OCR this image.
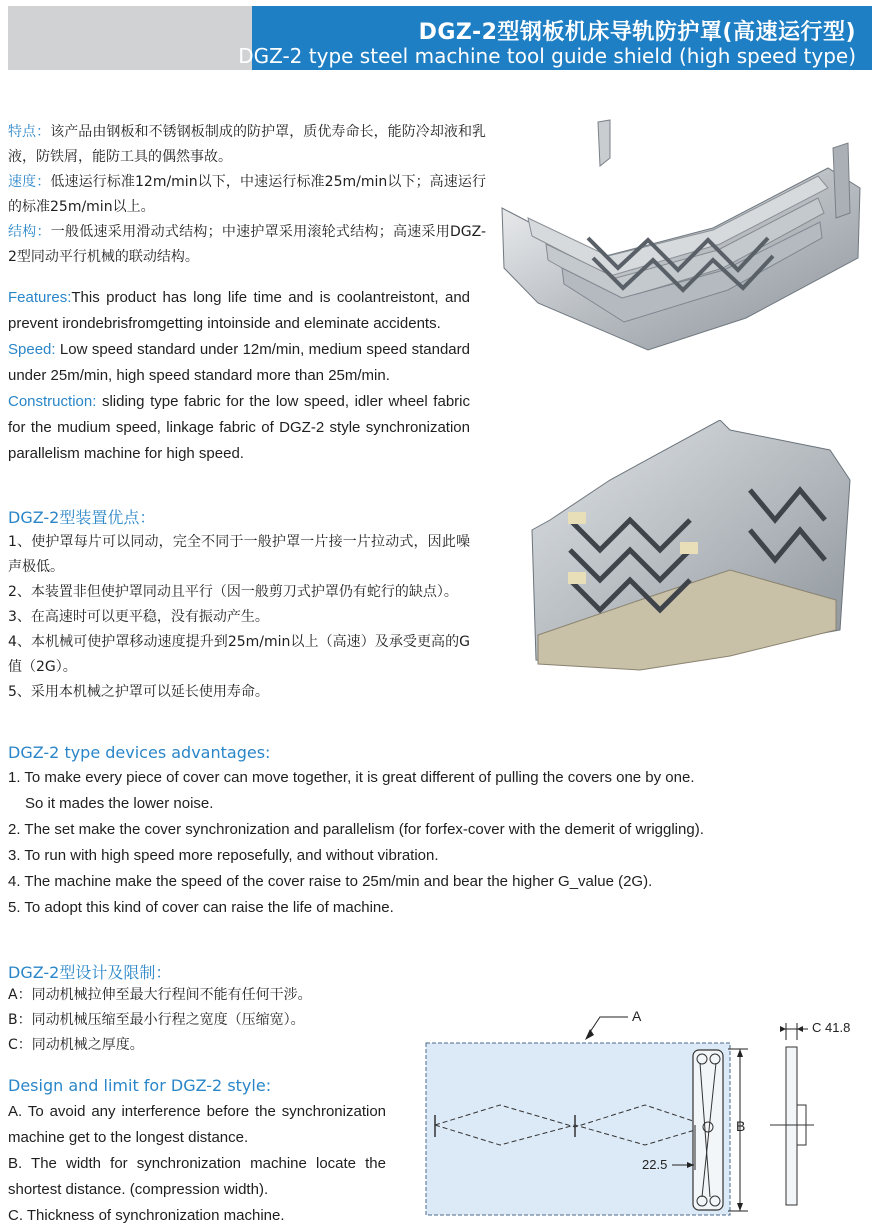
DGZ-2型钢板机床导轨防护罩(高速运行型)
DGZ-2 type steel machine tool guide shield (high speed type)

特点：该产品由钢板和不锈钢板制成的防护罩，质优寿命长，能防冷却液和乳液，防铁屑，能防工具的偶然事故。

速度：低速运行标准12m/min以下，中速运行标准25m/min以下；高速运行的标准25m/min以上。

结构：一般低速采用滑动式结构；中速护罩采用滚轮式结构；高速采用DGZ-2型同动平行机械的联动结构。

Features:This product has long life time and is coolantreistont, and prevent irondebrisfromgetting intoinside and eleminate accidents.

Speed: Low speed standard under 12m/min, medium speed standard under 25m/min, high speed standard more than 25m/min.

Construction: sliding type fabric for the low speed, idler wheel fabric for the mudium speed, linkage fabric of DGZ-2 style synchronization parallelism machine for high speed.

DGZ-2型装置优点：

1、使护罩每片可以同动，完全不同于一般护罩一片接一片拉动式，因此噪声极低。

2、本装置非但使护罩同动且平行（因一般剪刀式护罩仍有蛇行的缺点）。

3、在高速时可以更平稳，没有振动产生。

4、本机械可使护罩移动速度提升到25m/min以上（高速）及承受更高的G值（2G）。

5、采用本机械之护罩可以延长使用寿命。

DGZ-2 type devices advantages:

1. To make every piece of cover can move together, it is great different of pulling the covers one by one.

So it mades the lower noise.

2. The set make the cover synchronization and parallelism (for forfex-cover with the demerit of wriggling).

3. To run with high speed more reposefully, and without vibration.

4. The machine make the speed of the cover raise to 25m/min and bear the higher G_value (2G).

5. To adopt this kind of cover can raise the life of machine.

DGZ-2型设计及限制：

A：同动机械拉伸至最大行程间不能有任何干涉。

B：同动机械压缩至最小行程之宽度（压缩宽）。

C：同动机械之厚度。

Design and limit for DGZ-2 style:

A. To avoid any interference before the synchronization machine get to the longest distance.

B. The width for synchronization machine locate the shortest distance. (compression width).

C. Thickness of synchronization machine.

A
B
22.5
C 41.8
